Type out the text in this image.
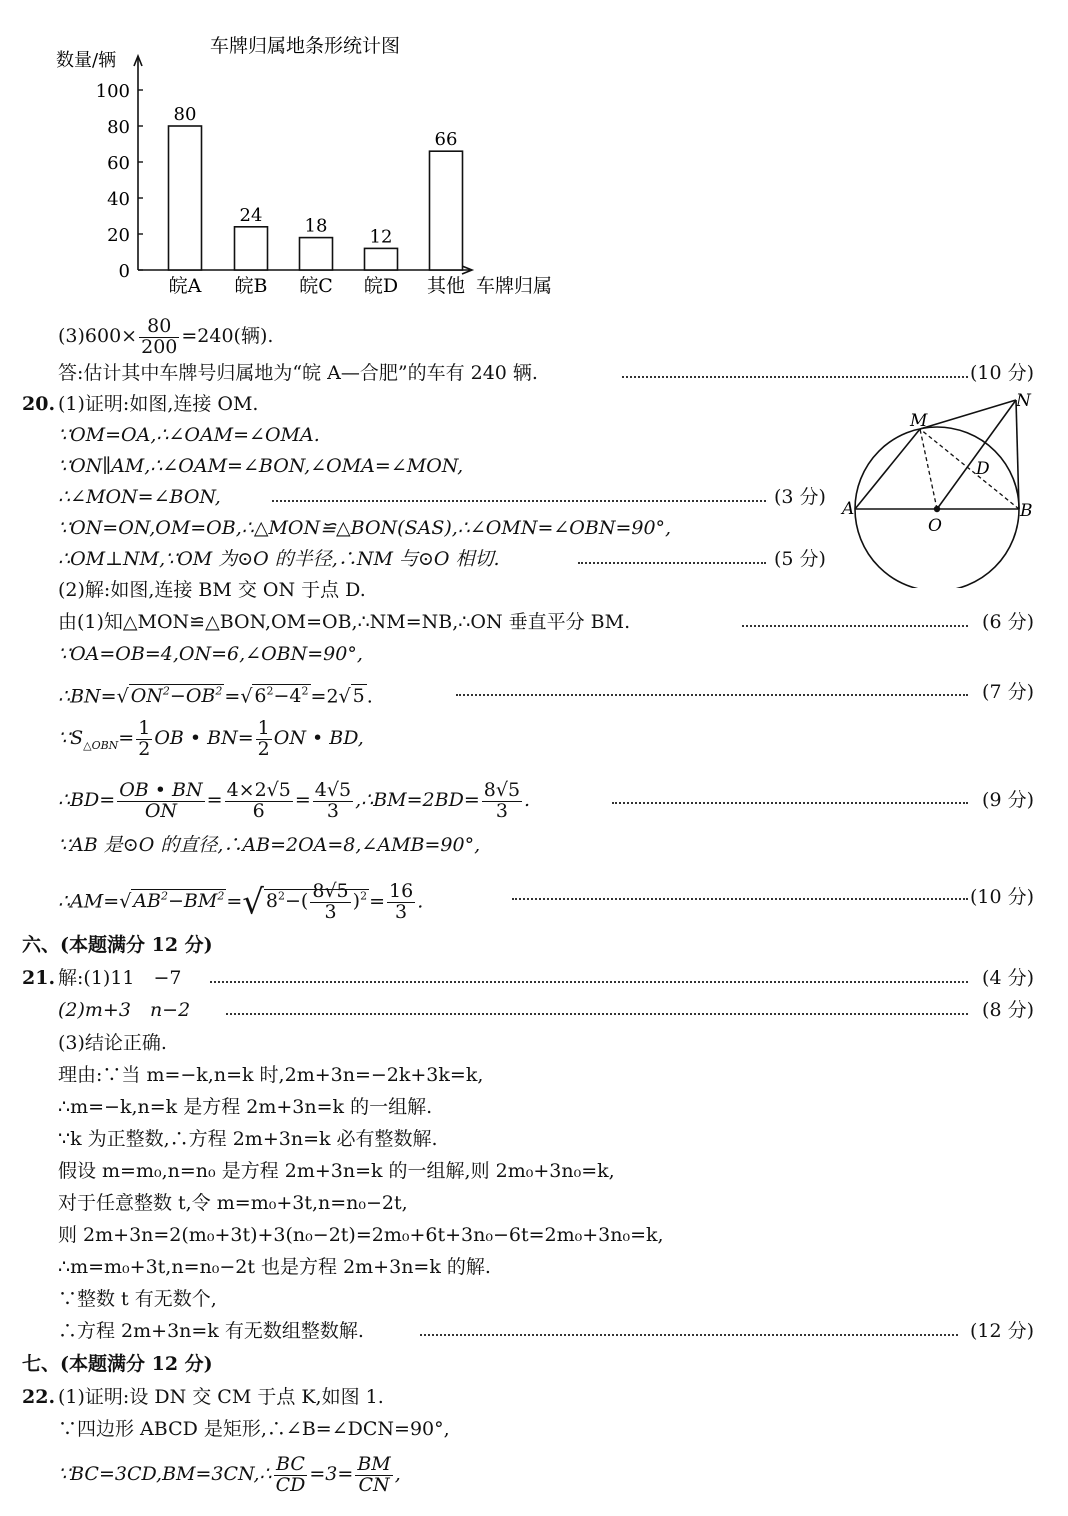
车牌归属地条形统计图
数量/辆
车牌归属
0
20
40
60
80
100
80
皖A
24
皖B
18
皖C
12
皖D
66
其他
$(3)600\times \frac{80}{200} =240$(辆).
答:估计其中车牌号归属地为“皖 A—合肥”的车有 240 辆.	(10 分)
20. (1)证明:如图,连接 OM.
∵OM=OA,∴∠OAM=∠OMA.
∵ON∥AM,∴∠OAM=∠BON,∠OMA=∠MON,
∴∠MON=∠BON,	(3 分)
∵ON=ON,OM=OB,∴△MON≌△BON(SAS),∴∠OMN=∠OBN=90°,
∴OM⊥NM,∵OM 为⊙O 的半径,∴NM 与⊙O 相切.	(5 分)
(2)解:如图,连接 BM 交 ON 于点 D.
由(1)知△MON≌△BON,OM=OB,∴NM=NB,∴ON 垂直平分 BM.	(6 分)
∵OA=OB=4,ON=6,∠OBN=90°,
∴BN=√ $ON^2-OB^2$ =√ $6^2-4^2 =2√$ 5 .	(7 分)
$\because S_{\triangle OBN}= \frac{1}{2}$ OB • $BN= \frac{1}{2}$ ON • BD,
∴BD= $\frac{OB • BN}{ON} = \frac{4\times 2√5}{6} = \frac{4√5}{3}$ ,∴BM=2BD= $\frac{8√5}{3}$ .	(9 分)
∵AB 是⊙O 的直径,∴AB=2OA=8,∠AMB=90°,
∴AM=√ $AB^2-BM^2$ =√ $8^2-( \frac{8√5}{3} )^2 = \frac{16}{3}$ .	(10 分)
M
N
D
A
O
B
六、(本题满分 12 分)
21. 解:(1)11　−7	(4 分)
(2)m+3　n−2	(8 分)
(3)结论正确.
理由:∵当 m=−k,n=k 时,2m+3n=−2k+3k=k,
∴m=−k,n=k 是方程 2m+3n=k 的一组解.
∵k 为正整数,∴方程 2m+3n=k 必有整数解.
假设 m=m₀,n=n₀ 是方程 2m+3n=k 的一组解,则 2m₀+3n₀=k,
对于任意整数 t,令 m=m₀+3t,n=n₀−2t,
则 2m+3n=2(m₀+3t)+3(n₀−2t)=2m₀+6t+3n₀−6t=2m₀+3n₀=k,
∴m=m₀+3t,n=n₀−2t 也是方程 2m+3n=k 的解.
∵整数 t 有无数个,
∴方程 2m+3n=k 有无数组整数解.	(12 分)
七、(本题满分 12 分)
22. (1)证明:设 DN 交 CM 于点 K,如图 1.
∵四边形 ABCD 是矩形,∴∠B=∠DCN=90°,
∵BC=3CD,BM=3CN,∴ $\frac{BC}{CD} =3= \frac{BM}{CN}$ ,
